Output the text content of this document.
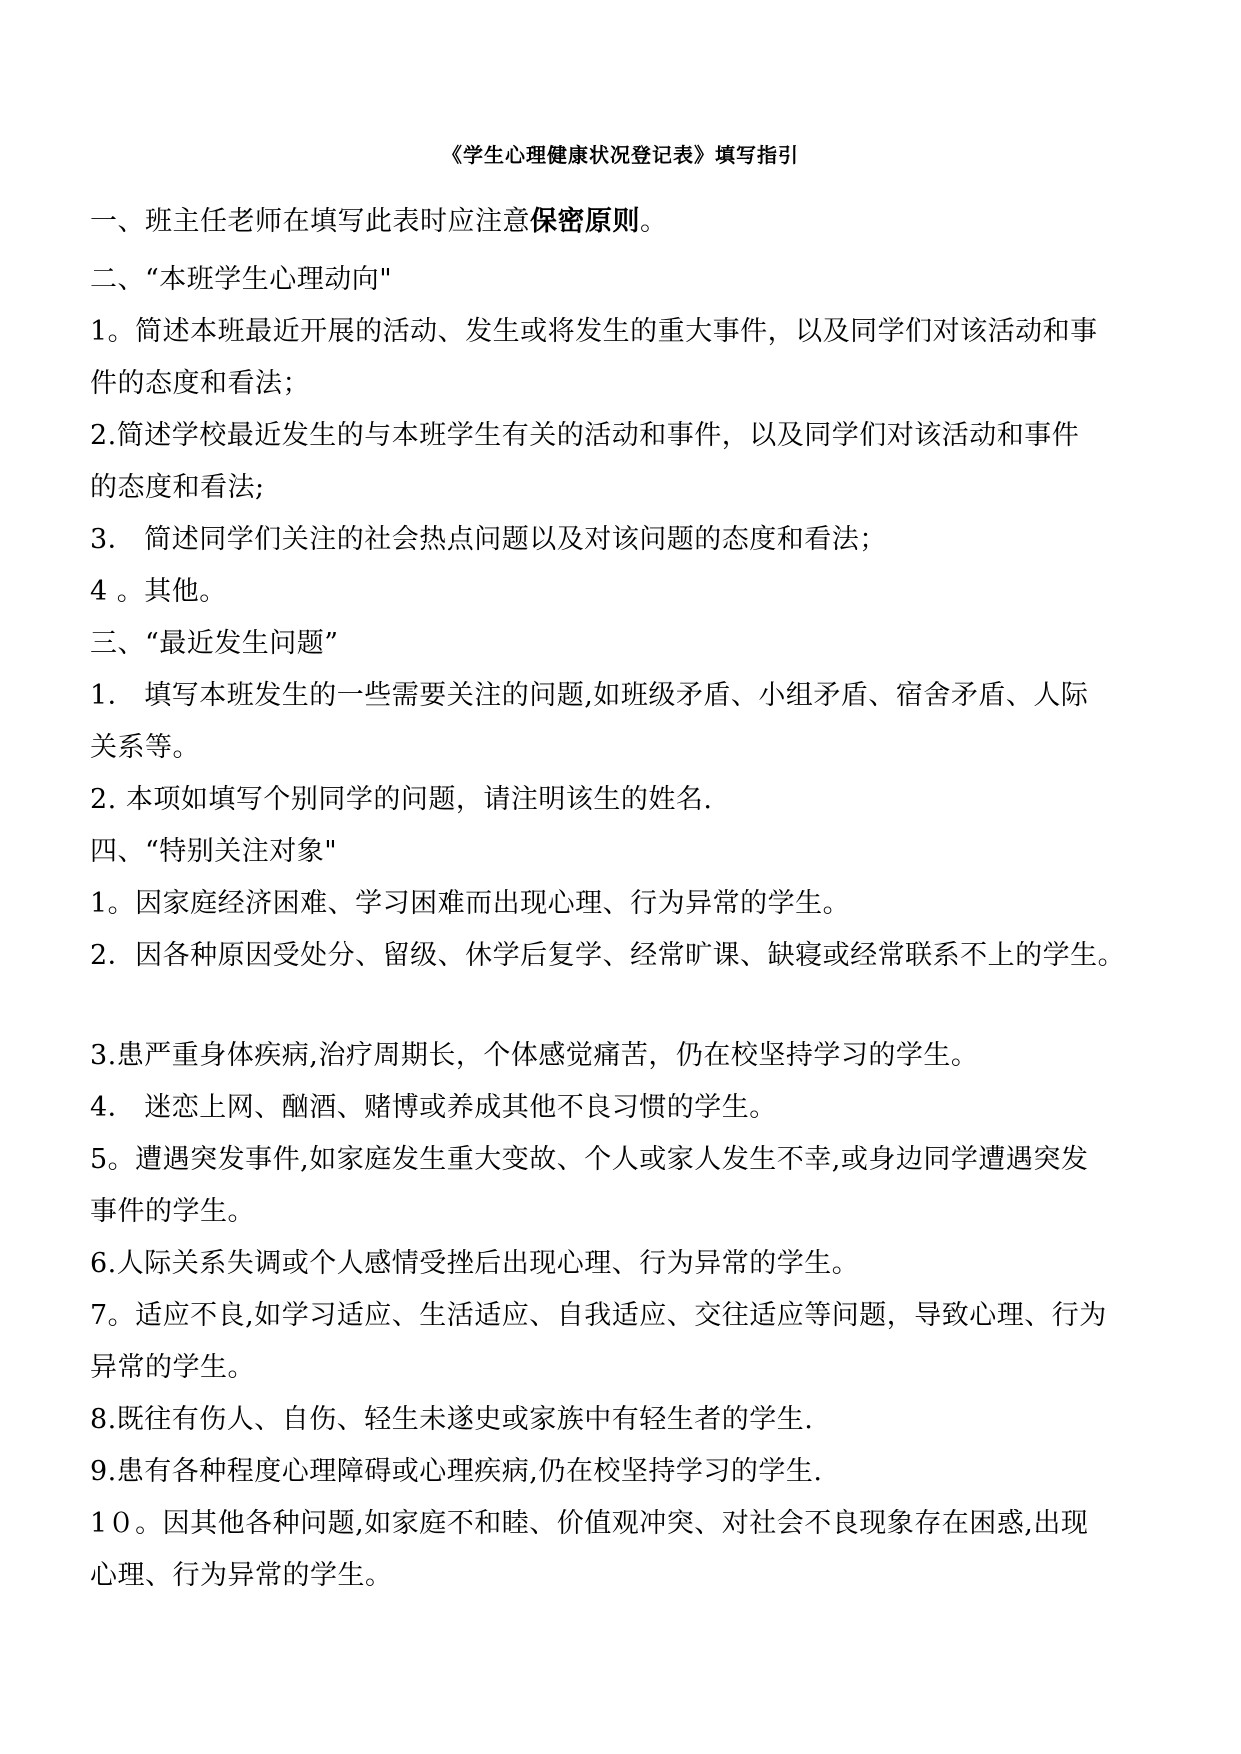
《学生心理健康状况登记表》填写指引
一、班主任老师在填写此表时应注意保密原则。
二、“本班学生心理动向"
1。简述本班最近开展的活动、发生或将发生的重大事件，以及同学们对该活动和事
件的态度和看法；
2.简述学校最近发生的与本班学生有关的活动和事件，以及同学们对该活动和事件
的态度和看法;
3． 简述同学们关注的社会热点问题以及对该问题的态度和看法；
4 。其他。
三、“最近发生问题”
1． 填写本班发生的一些需要关注的问题,如班级矛盾、小组矛盾、宿舍矛盾、人际
关系等。
2. 本项如填写个别同学的问题，请注明该生的姓名.
四、“特别关注对象"
1。因家庭经济困难、学习困难而出现心理、行为异常的学生。
2．因各种原因受处分、留级、休学后复学、经常旷课、缺寝或经常联系不上的学生。
3.患严重身体疾病,治疗周期长，个体感觉痛苦，仍在校坚持学习的学生。
4． 迷恋上网、酗酒、赌博或养成其他不良习惯的学生。
5。遭遇突发事件,如家庭发生重大变故、个人或家人发生不幸,或身边同学遭遇突发
事件的学生。
6.人际关系失调或个人感情受挫后出现心理、行为异常的学生。
7。适应不良,如学习适应、生活适应、自我适应、交往适应等问题，导致心理、行为
异常的学生。
8.既往有伤人、自伤、轻生未遂史或家族中有轻生者的学生.
9.患有各种程度心理障碍或心理疾病,仍在校坚持学习的学生.
1０。因其他各种问题,如家庭不和睦、价值观冲突、对社会不良现象存在困惑,出现
心理、行为异常的学生。
